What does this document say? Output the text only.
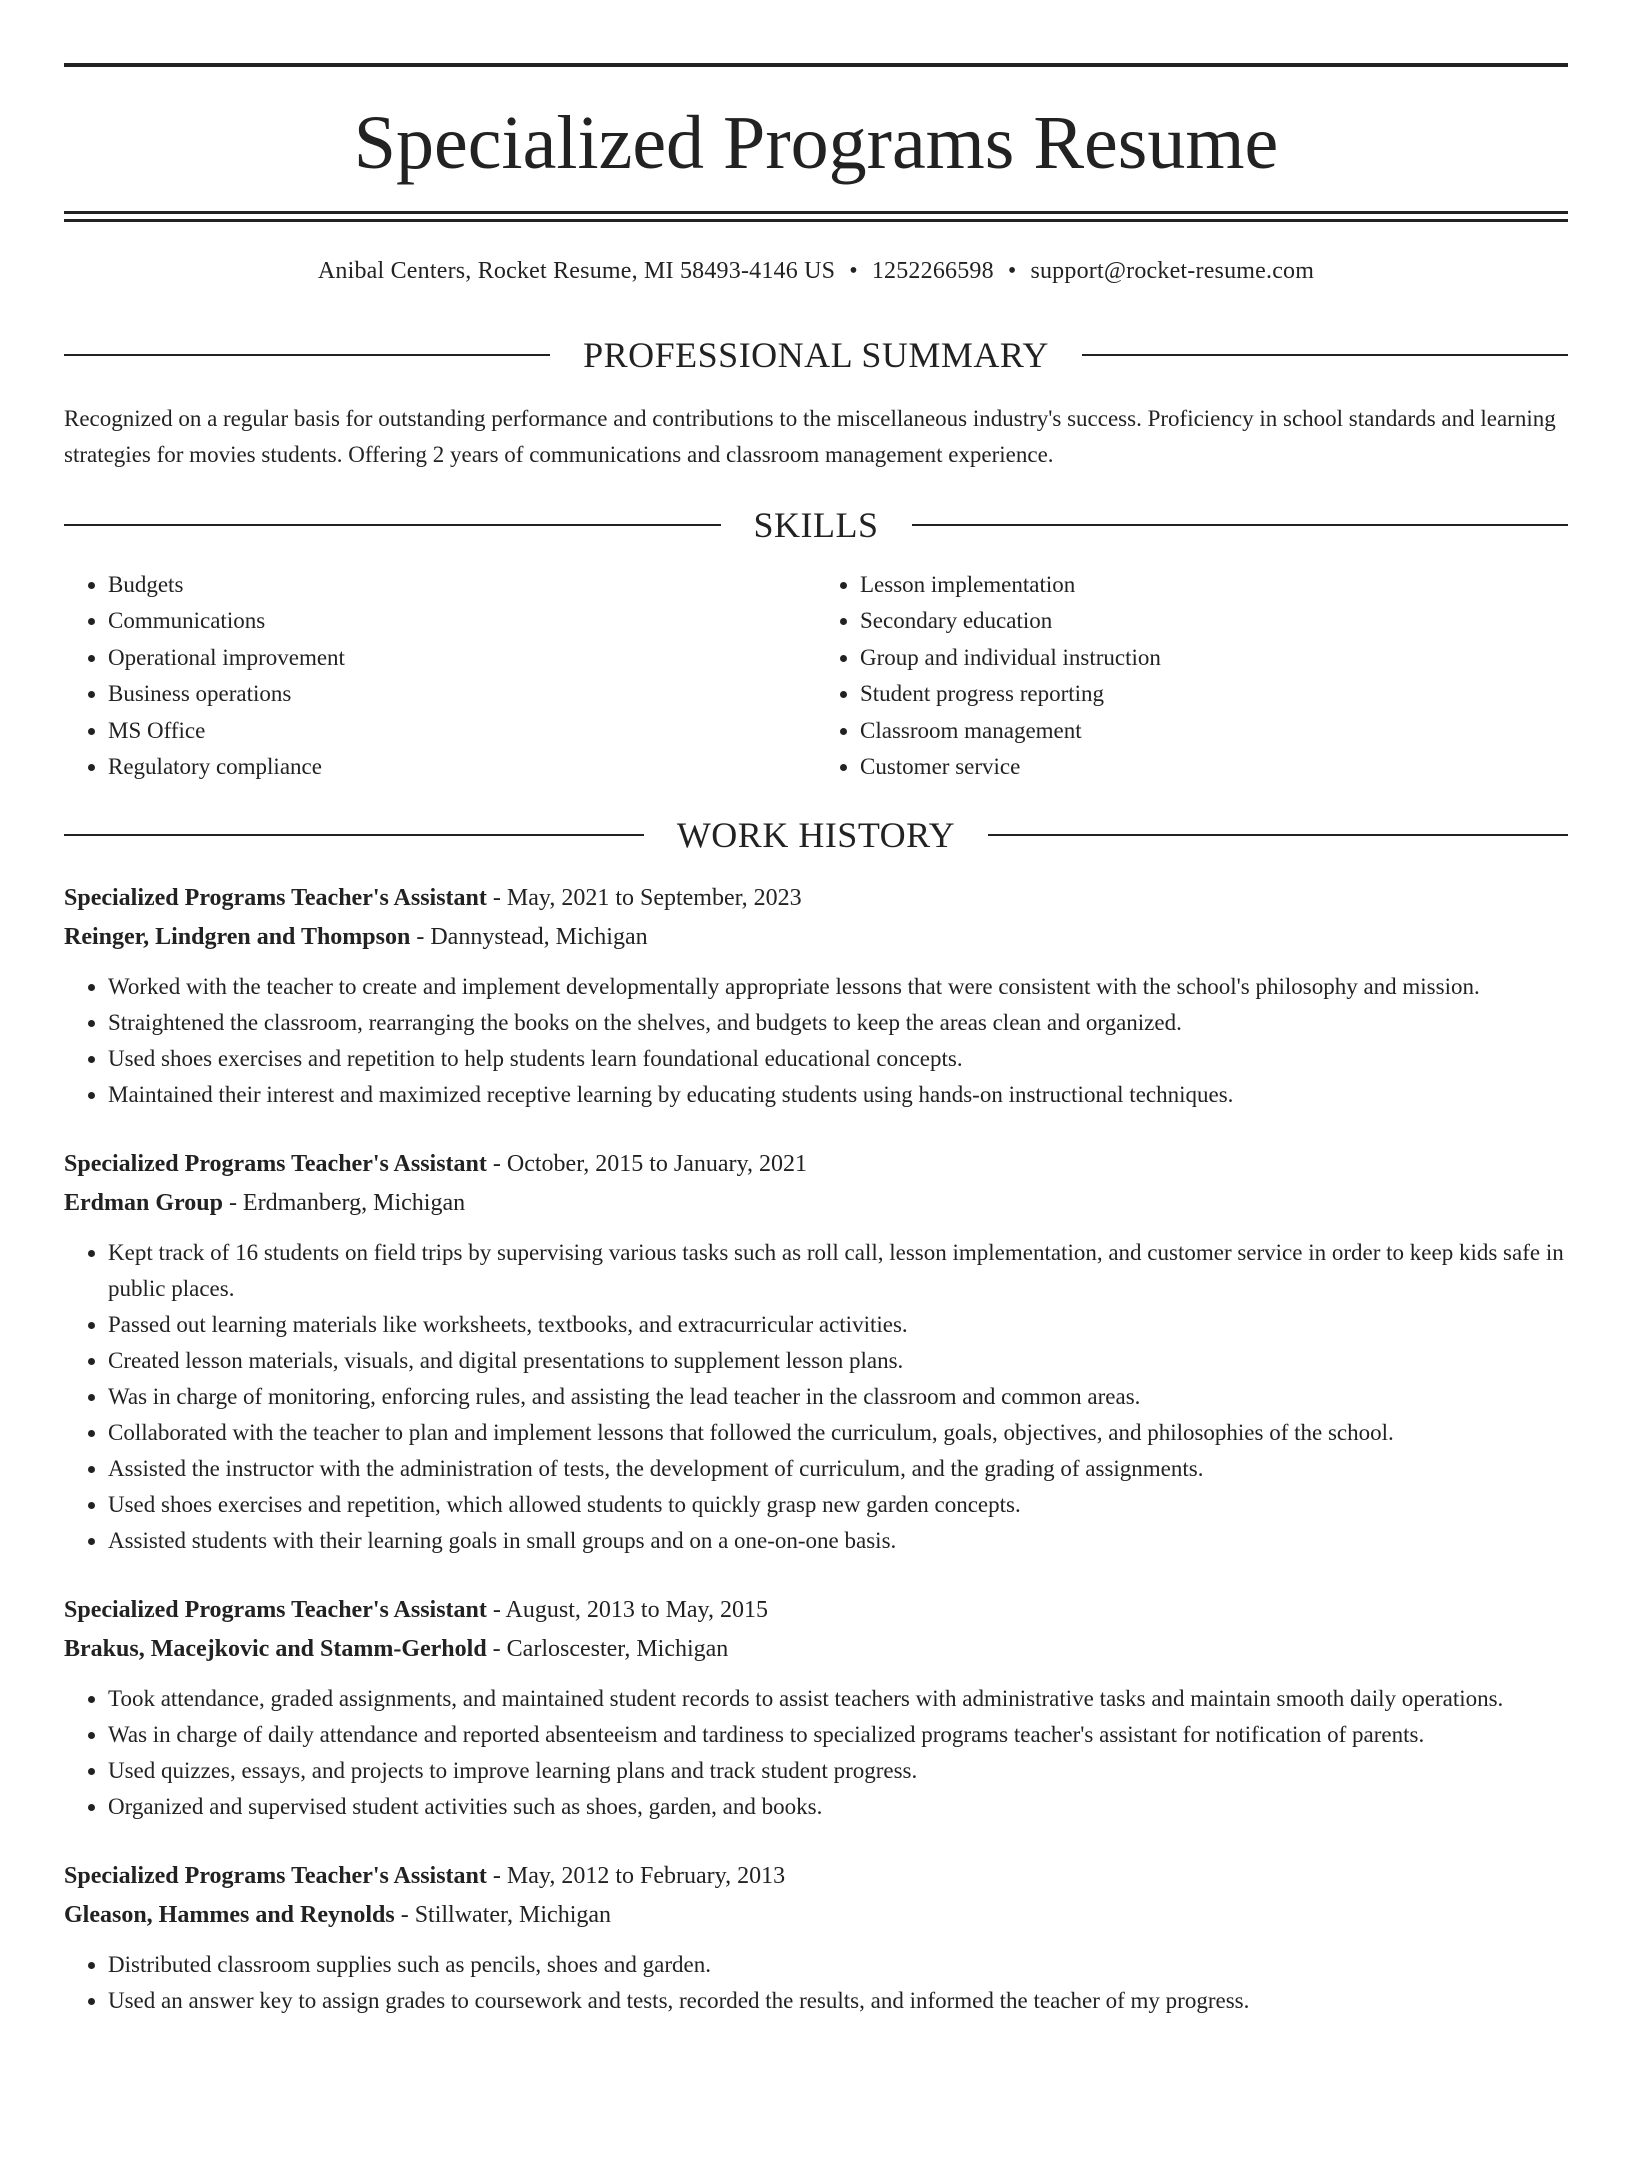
Specialized Programs Resume
Anibal Centers, Rocket Resume, MI 58493-4146 US • 1252266598 • support@rocket-resume.com
PROFESSIONAL SUMMARY

Recognized on a regular basis for outstanding performance and contributions to the miscellaneous industry's success. Proficiency in school standards and learning strategies for movies students. Offering 2 years of communications and classroom management experience.

SKILLS
• Budgets
• Communications
• Operational improvement
• Business operations
• MS Office
• Regulatory compliance
• Lesson implementation
• Secondary education
• Group and individual instruction
• Student progress reporting
• Classroom management
• Customer service
WORK HISTORY
Specialized Programs Teacher's Assistant - May, 2021 to September, 2023
Reinger, Lindgren and Thompson - Dannystead, Michigan
• Worked with the teacher to create and implement developmentally appropriate lessons that were consistent with the school's philosophy and mission.
• Straightened the classroom, rearranging the books on the shelves, and budgets to keep the areas clean and organized.
• Used shoes exercises and repetition to help students learn foundational educational concepts.
• Maintained their interest and maximized receptive learning by educating students using hands-on instructional techniques.
Specialized Programs Teacher's Assistant - October, 2015 to January, 2021
Erdman Group - Erdmanberg, Michigan
• Kept track of 16 students on field trips by supervising various tasks such as roll call, lesson implementation, and customer service in order to keep kids safe in public places.
• Passed out learning materials like worksheets, textbooks, and extracurricular activities.
• Created lesson materials, visuals, and digital presentations to supplement lesson plans.
• Was in charge of monitoring, enforcing rules, and assisting the lead teacher in the classroom and common areas.
• Collaborated with the teacher to plan and implement lessons that followed the curriculum, goals, objectives, and philosophies of the school.
• Assisted the instructor with the administration of tests, the development of curriculum, and the grading of assignments.
• Used shoes exercises and repetition, which allowed students to quickly grasp new garden concepts.
• Assisted students with their learning goals in small groups and on a one-on-one basis.
Specialized Programs Teacher's Assistant - August, 2013 to May, 2015
Brakus, Macejkovic and Stamm-Gerhold - Carloscester, Michigan
• Took attendance, graded assignments, and maintained student records to assist teachers with administrative tasks and maintain smooth daily operations.
• Was in charge of daily attendance and reported absenteeism and tardiness to specialized programs teacher's assistant for notification of parents.
• Used quizzes, essays, and projects to improve learning plans and track student progress.
• Organized and supervised student activities such as shoes, garden, and books.
Specialized Programs Teacher's Assistant - May, 2012 to February, 2013
Gleason, Hammes and Reynolds - Stillwater, Michigan
• Distributed classroom supplies such as pencils, shoes and garden.
• Used an answer key to assign grades to coursework and tests, recorded the results, and informed the teacher of my progress.
